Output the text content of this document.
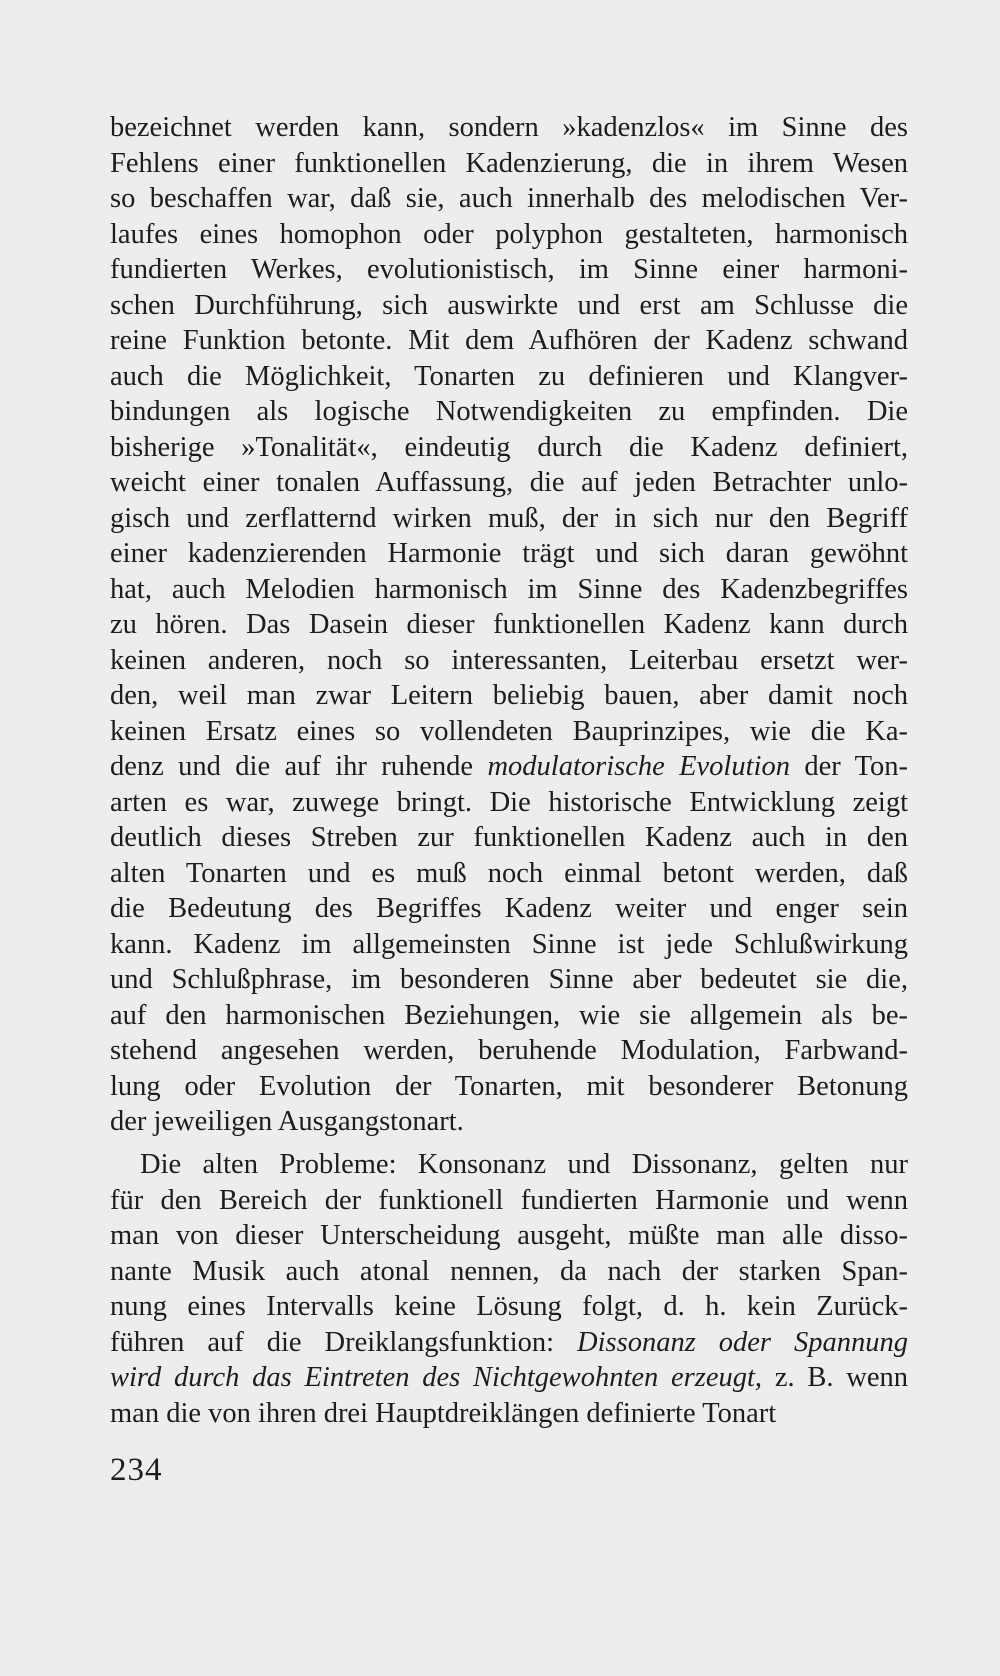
bezeichnet werden kann, sondern »kadenzlos« im Sinne des
Fehlens einer funktionellen Kadenzierung, die in ihrem Wesen
so beschaffen war, daß sie, auch innerhalb des melodischen Ver-
laufes eines homophon oder polyphon gestalteten, harmonisch
fundierten Werkes, evolutionistisch, im Sinne einer harmoni-
schen Durchführung, sich auswirkte und erst am Schlusse die
reine Funktion betonte. Mit dem Aufhören der Kadenz schwand
auch die Möglichkeit, Tonarten zu definieren und Klangver-
bindungen als logische Notwendigkeiten zu empfinden. Die
bisherige »Tonalität«, eindeutig durch die Kadenz definiert,
weicht einer tonalen Auffassung, die auf jeden Betrachter unlo-
gisch und zerflatternd wirken muß, der in sich nur den Begriff
einer kadenzierenden Harmonie trägt und sich daran gewöhnt
hat, auch Melodien harmonisch im Sinne des Kadenzbegriffes
zu hören. Das Dasein dieser funktionellen Kadenz kann durch
keinen anderen, noch so interessanten, Leiterbau ersetzt wer-
den, weil man zwar Leitern beliebig bauen, aber damit noch
keinen Ersatz eines so vollendeten Bauprinzipes, wie die Ka-
denz und die auf ihr ruhende modulatorische Evolution der Ton-
arten es war, zuwege bringt. Die historische Entwicklung zeigt
deutlich dieses Streben zur funktionellen Kadenz auch in den
alten Tonarten und es muß noch einmal betont werden, daß
die Bedeutung des Begriffes Kadenz weiter und enger sein
kann. Kadenz im allgemeinsten Sinne ist jede Schlußwirkung
und Schlußphrase, im besonderen Sinne aber bedeutet sie die,
auf den harmonischen Beziehungen, wie sie allgemein als be-
stehend angesehen werden, beruhende Modulation, Farbwand-
lung oder Evolution der Tonarten, mit besonderer Betonung
der jeweiligen Ausgangstonart.
Die alten Probleme: Konsonanz und Dissonanz, gelten nur
für den Bereich der funktionell fundierten Harmonie und wenn
man von dieser Unterscheidung ausgeht, müßte man alle disso-
nante Musik auch atonal nennen, da nach der starken Span-
nung eines Intervalls keine Lösung folgt, d. h. kein Zurück-
führen auf die Dreiklangsfunktion: Dissonanz oder Spannung
wird durch das Eintreten des Nichtgewohnten erzeugt, z. B. wenn
man die von ihren drei Hauptdreiklängen definierte Tonart
234
